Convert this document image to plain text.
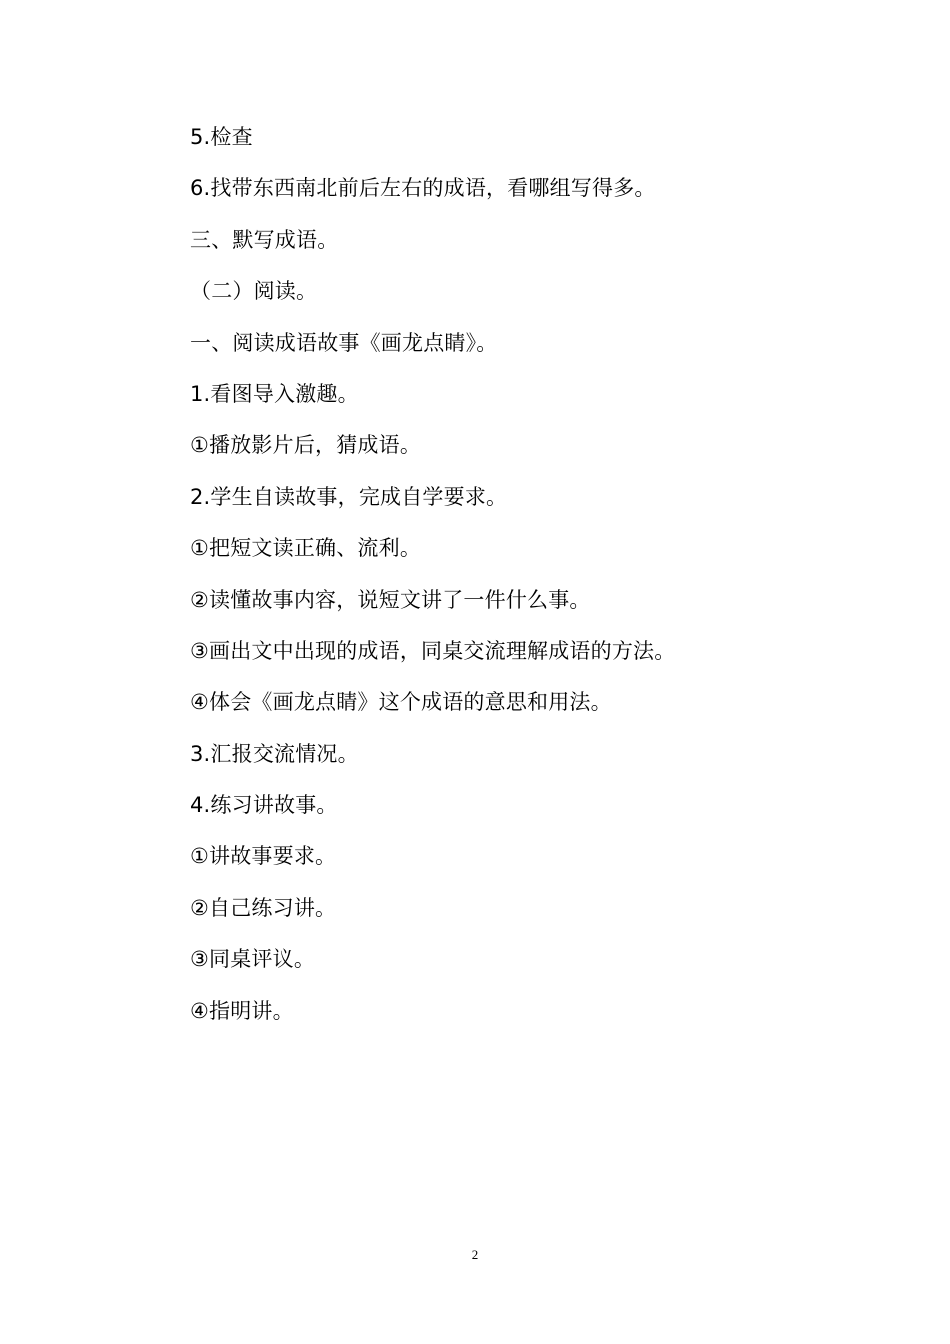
5.检查
6.找带东西南北前后左右的成语，看哪组写得多。
三、默写成语。
（二）阅读。
一、阅读成语故事《画龙点睛》。
1.看图导入激趣。
①播放影片后，猜成语。
2.学生自读故事，完成自学要求。
①把短文读正确、流利。
②读懂故事内容，说短文讲了一件什么事。
③画出文中出现的成语，同桌交流理解成语的方法。
④体会《画龙点睛》这个成语的意思和用法。
3.汇报交流情况。
4.练习讲故事。
①讲故事要求。
②自己练习讲。
③同桌评议。
④指明讲。
2
